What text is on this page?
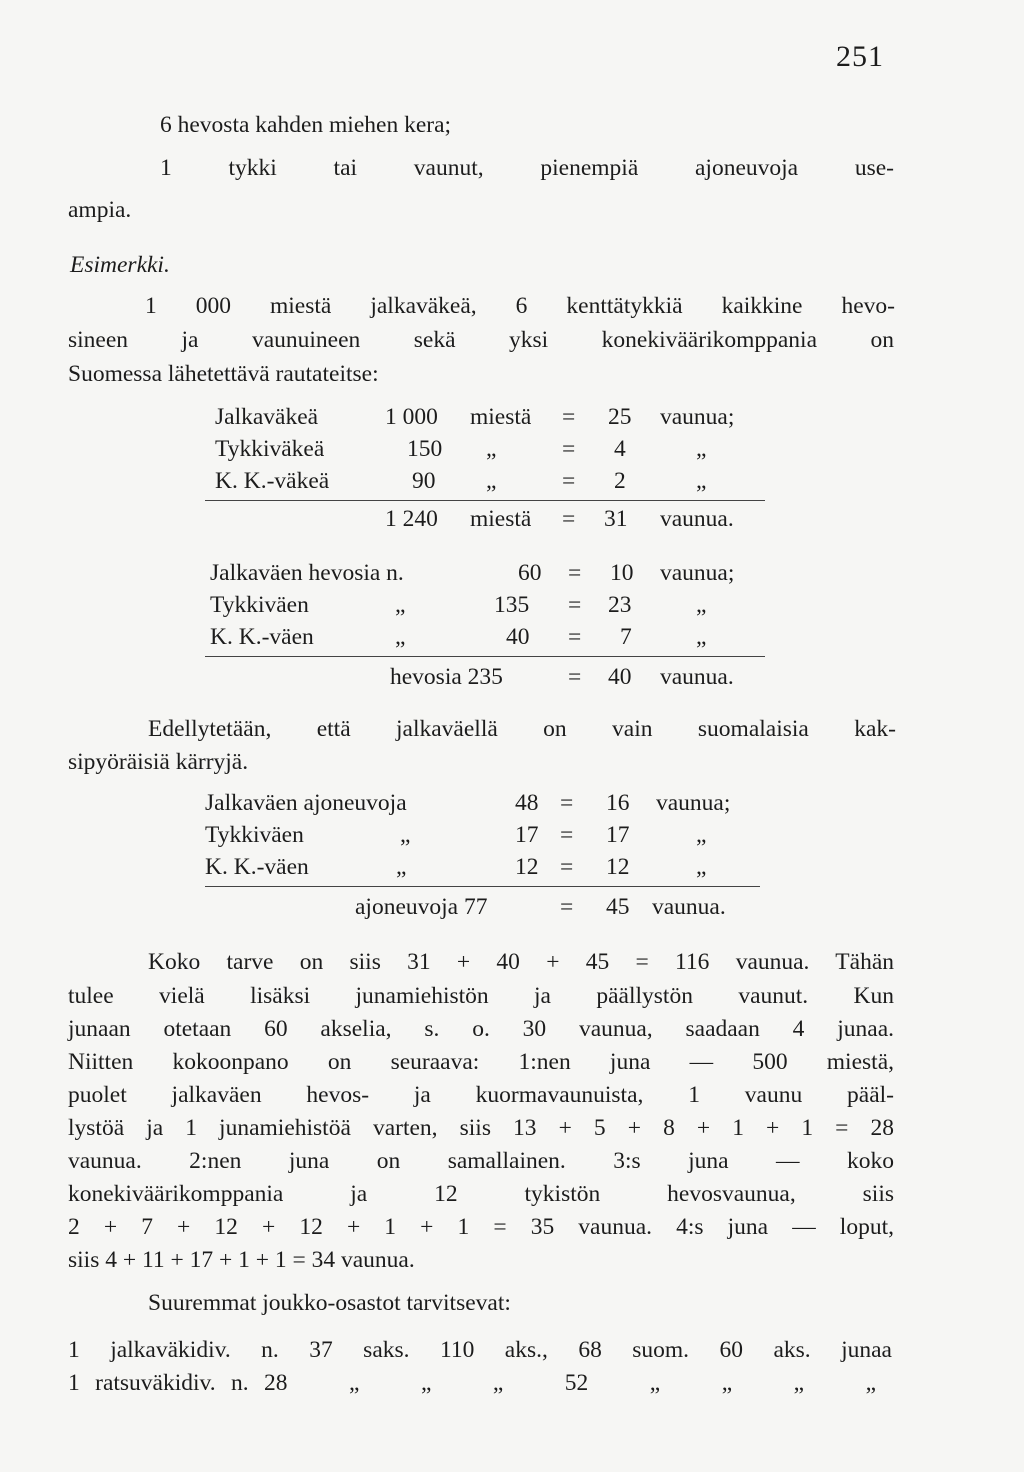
251
6 hevosta kahden miehen kera;
1 tykki tai vaunut, pienempiä ajoneuvoja use-
ampia.
Esimerkki.
1 000 miestä jalkaväkeä, 6 kenttätykkiä kaikkine hevo-
sineen ja vaunuineen sekä yksi konekiväärikomppania on
Suomessa lähetettävä rautateitse:
Jalkaväkeä	1 000 miestä = 25 vaunua;
Tykkiväkeä	150 „	= 4	„
K. K.-väkeä	90 „	= 2	„
1 240 miestä = 31 vaunua.
Jalkaväen hevosia n.	60 = 10 vaunua;
Tykkiväen	„	135 = 23	„
K. K.-väen	„	40 = 7	„
hevosia 235	= 40 vaunua.
Edellytetään, että jalkaväellä on vain suomalaisia kak-
sipyöräisiä kärryjä.
Jalkaväen ajoneuvoja	48 = 16 vaunua;
Tykkiväen	„	17 = 17	„
K. K.-väen	„	12 = 12	„
ajoneuvoja 77	= 45 vaunua.
Koko tarve on siis 31 + 40 + 45 = 116 vaunua. Tähän
tulee vielä lisäksi junamiehistön ja päällystön vaunut. Kun
junaan otetaan 60 akselia, s. o. 30 vaunua, saadaan 4 junaa.
Niitten kokoonpano on seuraava: 1:nen juna — 500 miestä,
puolet jalkaväen hevos- ja kuormavaunuista, 1 vaunu pääl-
lystöä ja 1 junamiehistöä varten, siis 13 + 5 + 8 + 1 + 1 = 28
vaunua. 2:nen juna on samallainen. 3:s juna — koko
konekiväärikomppania ja 12 tykistön hevosvaunua, siis
2 + 7 + 12 + 12 + 1 + 1 = 35 vaunua. 4:s juna — loput,
siis 4 + 11 + 17 + 1 + 1 = 34 vaunua.
Suuremmat joukko-osastot tarvitsevat:
1 jalkaväkidiv. n. 37 saks. 110 aks., 68 suom. 60 aks. junaa
1 ratsuväkidiv. n. 28    „    „    „    52    „    „    „    „
